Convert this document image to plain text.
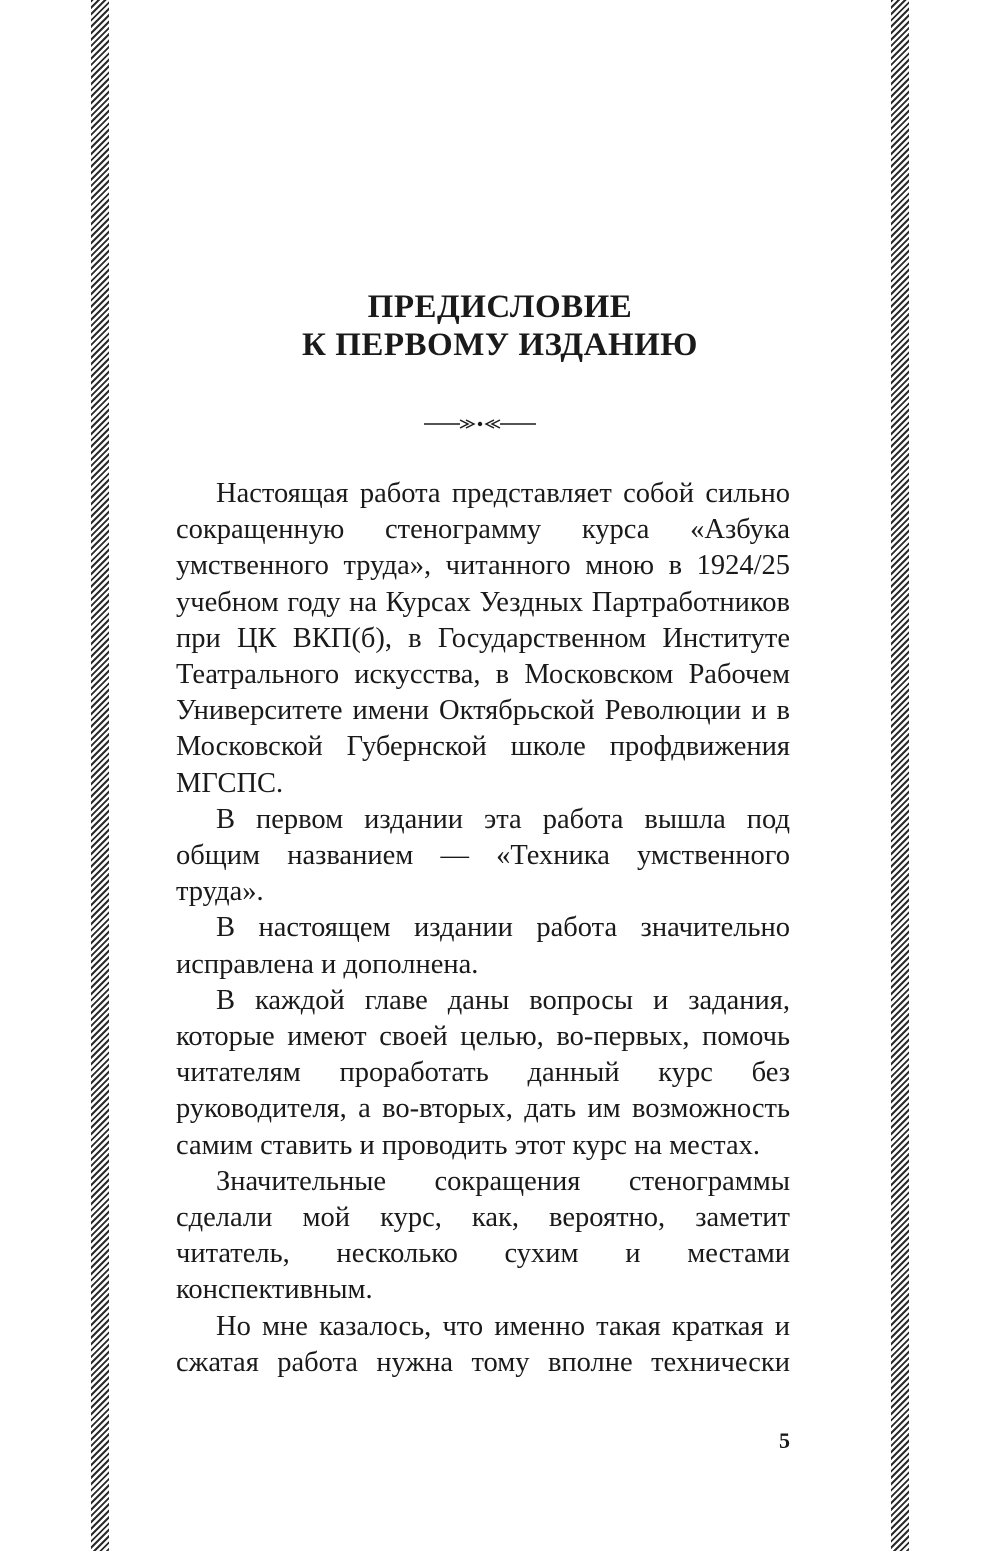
ПРЕДИСЛОВИЕ
К ПЕРВОМУ ИЗДАНИЮ

Настоящая работа представляет собой сильно сокращенную стенограмму курса «Азбука умственного труда», читанного мною в 1924/25 учебном году на Курсах Уездных Партработников при ЦК ВКП(б), в Государственном Институте Театрального искусства, в Московском Рабочем Университете имени Октябрьской Революции и в Московской Губернской школе профдвижения МГСПС.

В первом издании эта работа вышла под общим названием — «Техника умственного труда».

В настоящем издании работа значительно исправлена и дополнена.

В каждой главе даны вопросы и задания, которые имеют своей целью, во-первых, помочь читателям проработать данный курс без руководителя, а во-вторых, дать им возможность самим ставить и проводить этот курс на местах.

Значительные сокращения стенограммы сделали мой курс, как, вероятно, заметит читатель, несколько сухим и местами конспективным.

Но мне казалось, что именно такая краткая и сжатая работа нужна тому вполне технически

5
